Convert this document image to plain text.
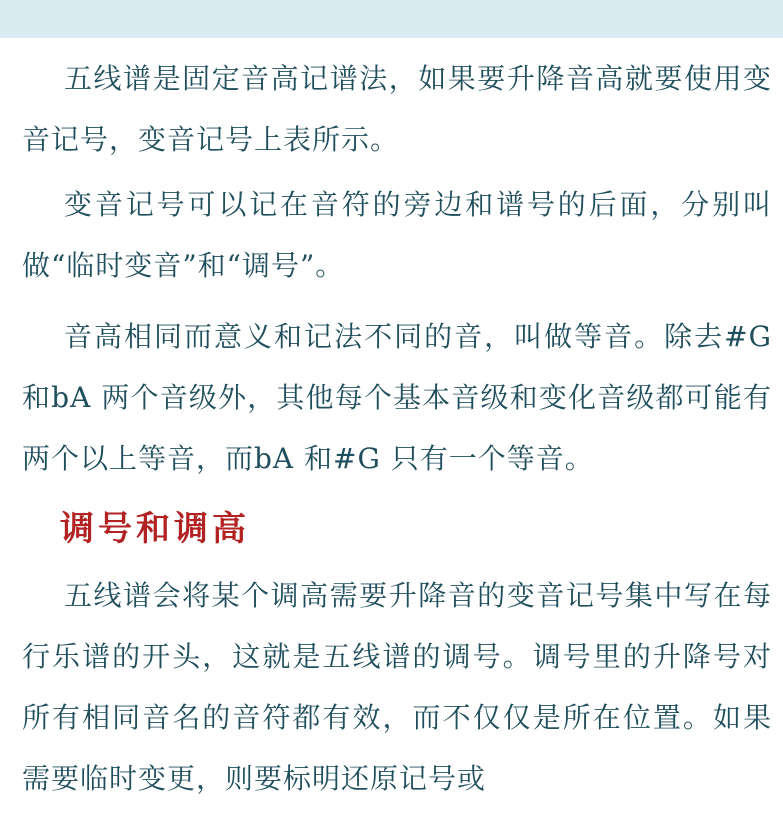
五线谱是固定音高记谱法，如果要升降音高就要使用变音记号，变音记号上表所示。

变音记号可以记在音符的旁边和谱号的后面，分别叫做“临时变音”和“调号”。

音高相同而意义和记法不同的音，叫做等音。除去#G 和bA 两个音级外，其他每个基本音级和变化音级都可能有两个以上等音，而bA 和#G 只有一个等音。

调号和调高

五线谱会将某个调高需要升降音的变音记号集中写在每行乐谱的开头，这就是五线谱的调号。调号里的升降号对所有相同音名的音符都有效，而不仅仅是所在位置。如果需要临时变更，则要标明还原记号或
